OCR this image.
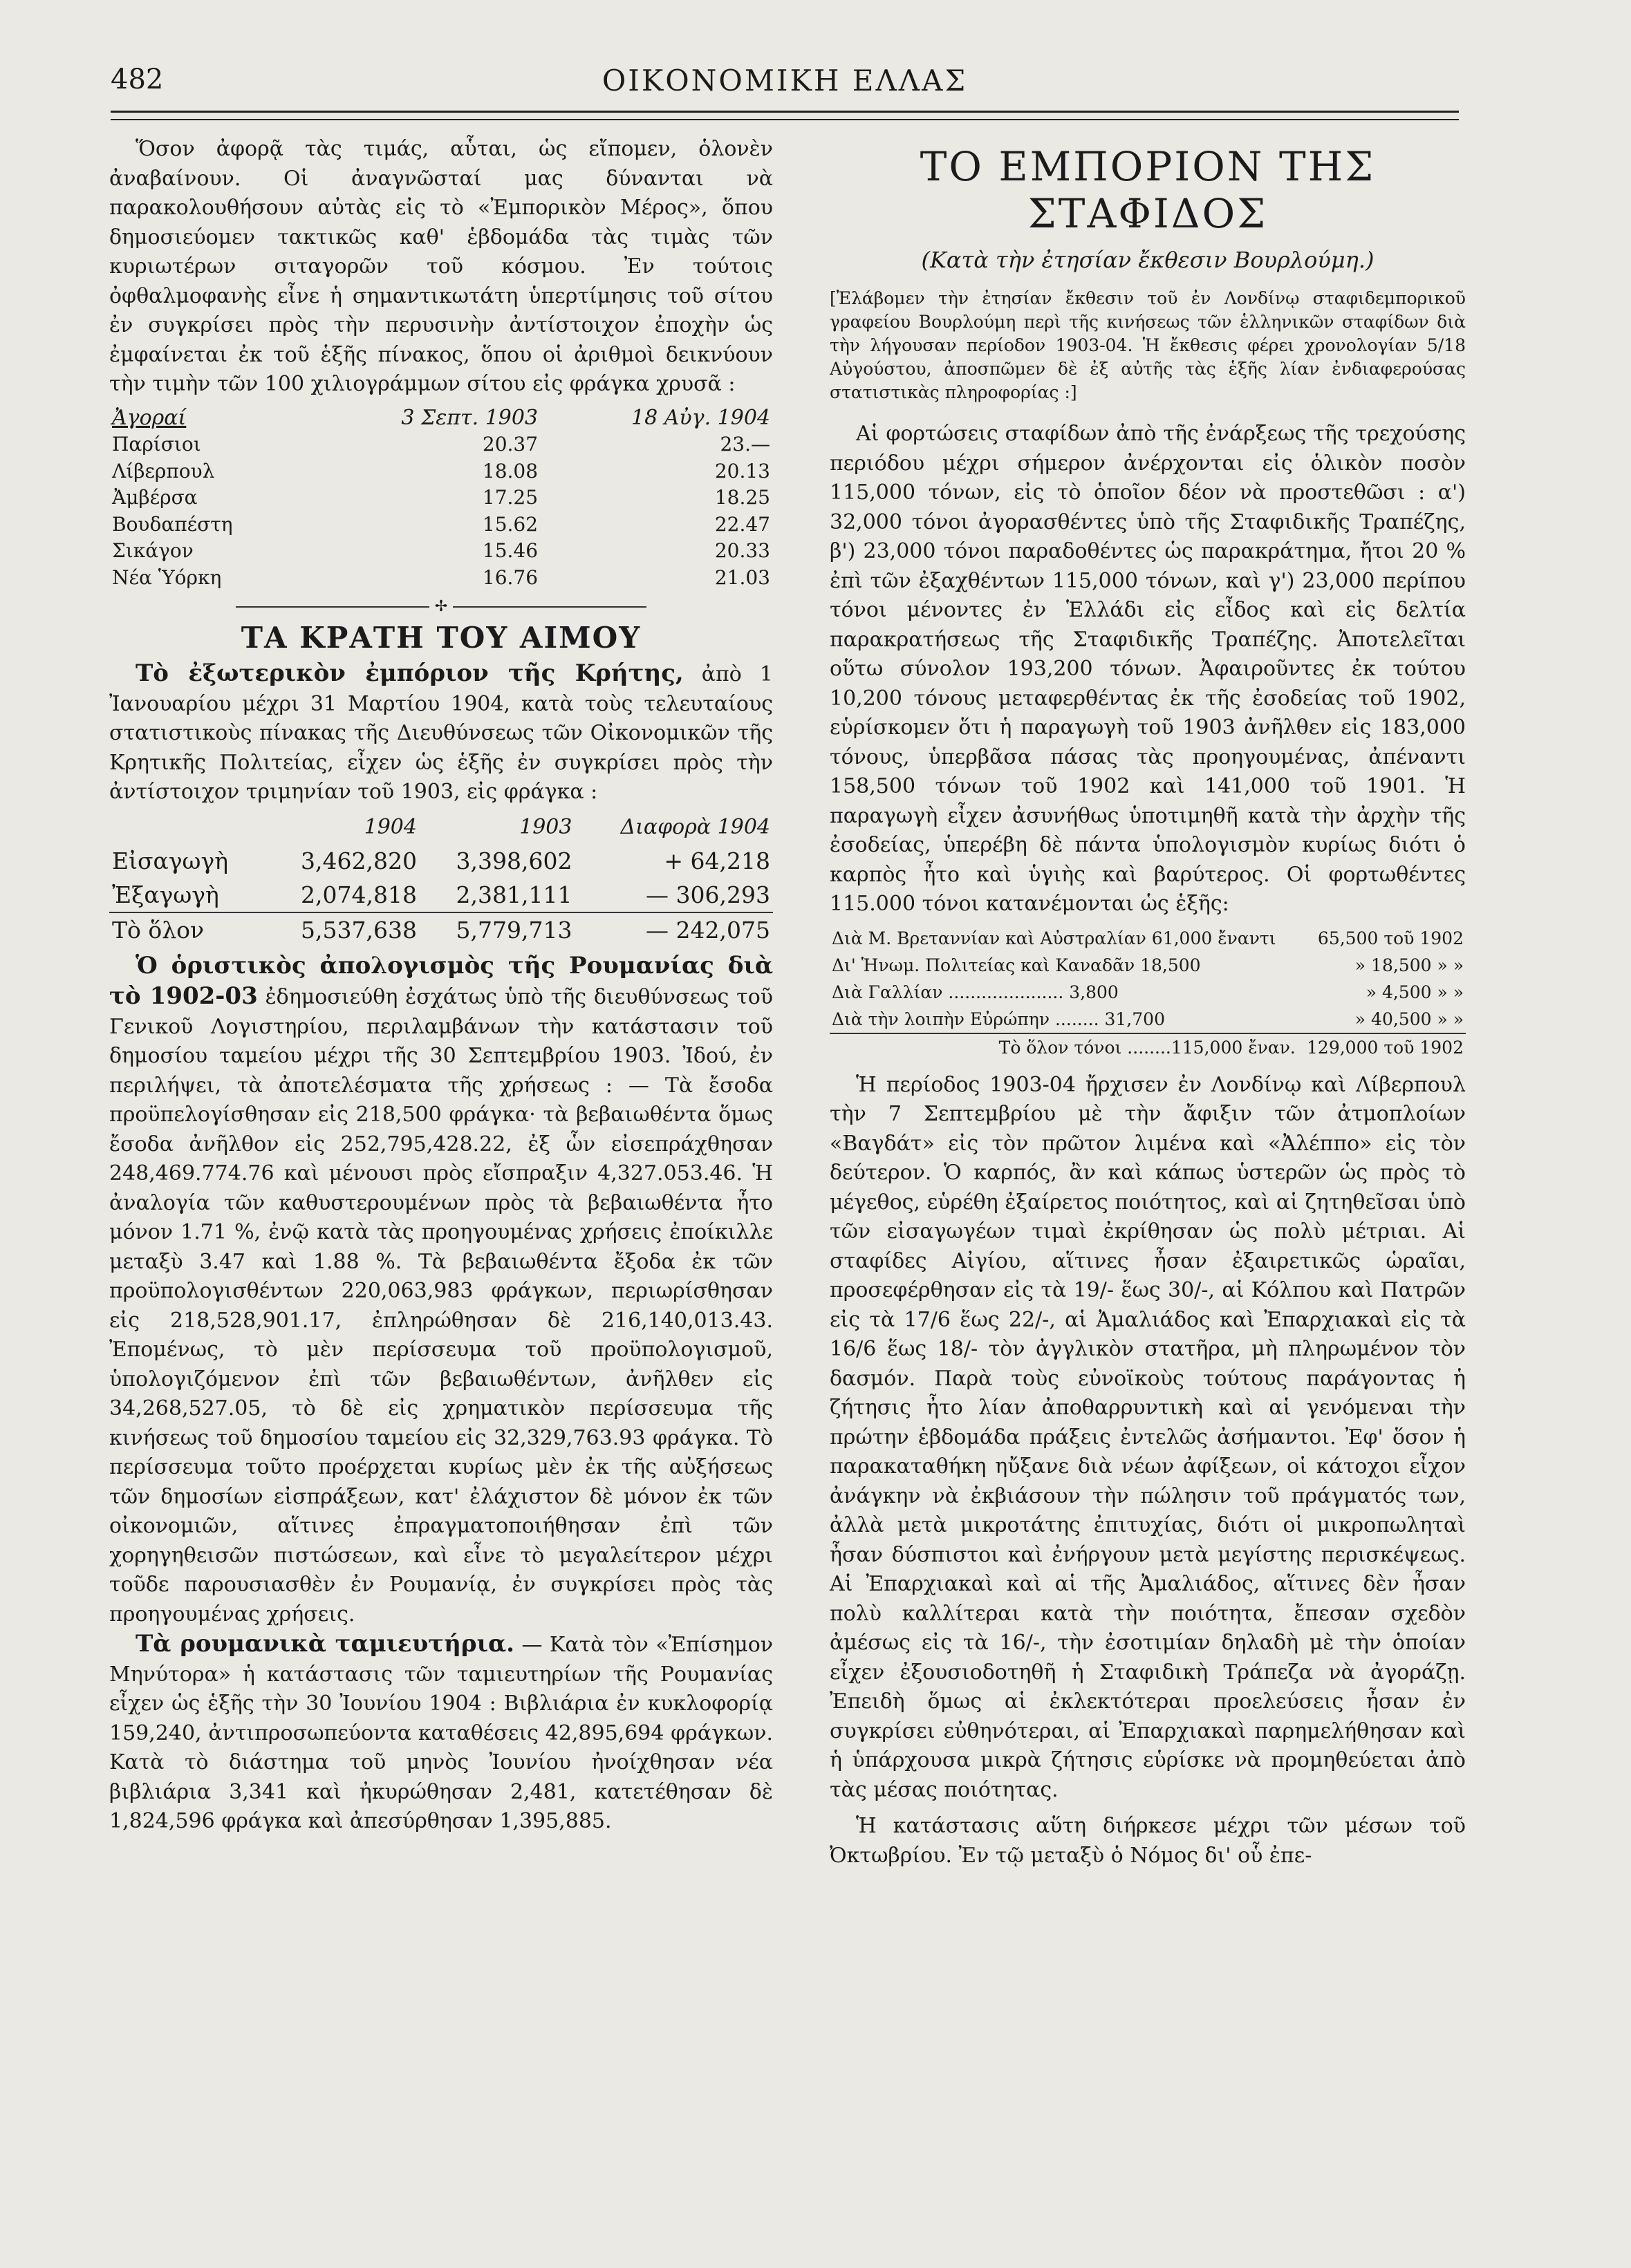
482	ΟΙΚΟΝΟΜΙΚΗ ΕΛΛΑΣ

Ὅσον ἀφορᾷ τὰς τιμάς, αὗται, ὡς εἴπομεν, ὁλονὲν ἀναβαίνουν. Οἱ ἀναγνῶσταί μας δύνανται νὰ παρακολουθήσουν αὐτὰς εἰς τὸ «Ἐμπορικὸν Μέρος», ὅπου δημοσιεύομεν τακτικῶς καθ' ἑβδομάδα τὰς τιμὰς τῶν κυριωτέρων σιταγορῶν τοῦ κόσμου. Ἐν τούτοις ὀφθαλμοφανὴς εἶνε ἡ σημαντικωτάτη ὑπερτίμησις τοῦ σίτου ἐν συγκρίσει πρὸς τὴν περυσινὴν ἀντίστοιχον ἐποχὴν ὡς ἐμφαίνεται ἐκ τοῦ ἑξῆς πίνακος, ὅπου οἱ ἀριθμοὶ δεικνύουν τὴν τιμὴν τῶν 100 χιλιογράμμων σίτου εἰς φράγκα χρυσᾶ :

Ἀγοραί	3 Σεπτ. 1903	18 Αὐγ. 1904
Παρίσιοι	20.37	23.—
Λίβερπουλ	18.08	20.13
Ἀμβέρσα	17.25	18.25
Βουδαπέστη	15.62	22.47
Σικάγον	15.46	20.33
Νέα Ὑόρκη	16.76	21.03
✢
ΤΑ ΚΡΑΤΗ ΤΟΥ ΑΙΜΟΥ

Τὸ ἐξωτερικὸν ἐμπόριον τῆς Κρήτης, ἀπὸ 1 Ἰανουαρίου μέχρι 31 Μαρτίου 1904, κατὰ τοὺς τελευταίους στατιστικοὺς πίνακας τῆς Διευθύνσεως τῶν Οἰκονομικῶν τῆς Κρητικῆς Πολιτείας, εἶχεν ὡς ἑξῆς ἐν συγκρίσει πρὸς τὴν ἀντίστοιχον τριμηνίαν τοῦ 1903, εἰς φράγκα :

	1904	1903	Διαφορὰ 1904
Εἰσαγωγὴ	3,462,820	3,398,602	+ 64,218
Ἐξαγωγὴ	2,074,818	2,381,111	— 306,293
Τὸ ὅλον	5,537,638	5,779,713	— 242,075

Ὁ ὁριστικὸς ἀπολογισμὸς τῆς Ρουμανίας διὰ τὸ 1902-03 ἐδημοσιεύθη ἐσχάτως ὑπὸ τῆς διευθύνσεως τοῦ Γενικοῦ Λογιστηρίου, περιλαμβάνων τὴν κατάστασιν τοῦ δημοσίου ταμείου μέχρι τῆς 30 Σεπτεμβρίου 1903. Ἰδού, ἐν περιλήψει, τὰ ἀποτελέσματα τῆς χρήσεως : — Τὰ ἔσοδα προϋπελογίσθησαν εἰς 218,500 φράγκα· τὰ βεβαιωθέντα ὅμως ἔσοδα ἀνῆλθον εἰς 252,795,428.22, ἐξ ὧν εἰσεπράχθησαν 248,469.774.76 καὶ μένουσι πρὸς εἴσπραξιν 4,327.053.46. Ἡ ἀναλογία τῶν καθυστερουμένων πρὸς τὰ βεβαιωθέντα ἦτο μόνον 1.71 %, ἐνῷ κατὰ τὰς προηγουμένας χρήσεις ἐποίκιλλε μεταξὺ 3.47 καὶ 1.88 %. Τὰ βεβαιωθέντα ἔξοδα ἐκ τῶν προϋπολογισθέντων 220,063,983 φράγκων, περιωρίσθησαν εἰς 218,528,901.17, ἐπληρώθησαν δὲ 216,140,013.43. Ἐπομένως, τὸ μὲν περίσσευμα τοῦ προϋπολογισμοῦ, ὑπολογιζόμενον ἐπὶ τῶν βεβαιωθέντων, ἀνῆλθεν εἰς 34,268,527.05, τὸ δὲ εἰς χρηματικὸν περίσσευμα τῆς κινήσεως τοῦ δημοσίου ταμείου εἰς 32,329,763.93 φράγκα. Τὸ περίσσευμα τοῦτο προέρχεται κυρίως μὲν ἐκ τῆς αὐξήσεως τῶν δημοσίων εἰσπράξεων, κατ' ἐλάχιστον δὲ μόνον ἐκ τῶν οἰκονομιῶν, αἵτινες ἐπραγματοποιήθησαν ἐπὶ τῶν χορηγηθεισῶν πιστώσεων, καὶ εἶνε τὸ μεγαλείτερον μέχρι τοῦδε παρουσιασθὲν ἐν Ρουμανίᾳ, ἐν συγκρίσει πρὸς τὰς προηγουμένας χρήσεις.

Τὰ ρουμανικὰ ταμιευτήρια. — Κατὰ τὸν «Ἐπίσημον Μηνύτορα» ἡ κατάστασις τῶν ταμιευτηρίων τῆς Ρουμανίας εἶχεν ὡς ἑξῆς τὴν 30 Ἰουνίου 1904 : Βιβλιάρια ἐν κυκλοφορίᾳ 159,240, ἀντιπροσωπεύοντα καταθέσεις 42,895,694 φράγκων. Κατὰ τὸ διάστημα τοῦ μηνὸς Ἰουνίου ἠνοίχθησαν νέα βιβλιάρια 3,341 καὶ ἠκυρώθησαν 2,481, κατετέθησαν δὲ 1,824,596 φράγκα καὶ ἀπεσύρθησαν 1,395,885.

ΤΟ ΕΜΠΟΡΙΟΝ ΤΗΣ ΣΤΑΦΙΔΟΣ
(Κατὰ τὴν ἐτησίαν ἔκθεσιν Βουρλούμη.)

[Ἐλάβομεν τὴν ἐτησίαν ἔκθεσιν τοῦ ἐν Λονδίνῳ σταφιδεμπορικοῦ γραφείου Βουρλούμη περὶ τῆς κινήσεως τῶν ἑλληνικῶν σταφίδων διὰ τὴν λήγουσαν περίοδον 1903-04. Ἡ ἔκθεσις φέρει χρονολογίαν 5/18 Αὐγούστου, ἀποσπῶμεν δὲ ἐξ αὐτῆς τὰς ἑξῆς λίαν ἐνδιαφερούσας στατιστικὰς πληροφορίας :]

Αἱ φορτώσεις σταφίδων ἀπὸ τῆς ἐνάρξεως τῆς τρεχούσης περιόδου μέχρι σήμερον ἀνέρχονται εἰς ὁλικὸν ποσὸν 115,000 τόνων, εἰς τὸ ὁποῖον δέον νὰ προστεθῶσι : α') 32,000 τόνοι ἀγορασθέντες ὑπὸ τῆς Σταφιδικῆς Τραπέζης, β') 23,000 τόνοι παραδοθέντες ὡς παρακράτημα, ἤτοι 20 % ἐπὶ τῶν ἐξαχθέντων 115,000 τόνων, καὶ γ') 23,000 περίπου τόνοι μένοντες ἐν Ἑλλάδι εἰς εἶδος καὶ εἰς δελτία παρακρατήσεως τῆς Σταφιδικῆς Τραπέζης. Ἀποτελεῖται οὕτω σύνολον 193,200 τόνων. Ἀφαιροῦντες ἐκ τούτου 10,200 τόνους μεταφερθέντας ἐκ τῆς ἐσοδείας τοῦ 1902, εὑρίσκομεν ὅτι ἡ παραγωγὴ τοῦ 1903 ἀνῆλθεν εἰς 183,000 τόνους, ὑπερβᾶσα πάσας τὰς προηγουμένας, ἀπέναντι 158,500 τόνων τοῦ 1902 καὶ 141,000 τοῦ 1901. Ἡ παραγωγὴ εἶχεν ἀσυνήθως ὑποτιμηθῆ κατὰ τὴν ἀρχὴν τῆς ἐσοδείας, ὑπερέβη δὲ πάντα ὑπολογισμὸν κυρίως διότι ὁ καρπὸς ἦτο καὶ ὑγιὴς καὶ βαρύτερος. Οἱ φορτωθέντες 115.000 τόνοι κατανέμονται ὡς ἑξῆς:

Διὰ Μ. Βρεταννίαν καὶ Αὐστραλίαν 61,000 ἔναντι	65,500 τοῦ 1902
Δι' Ἡνωμ. Πολιτείας καὶ Καναδᾶν 18,500	» 18,500 » »
Διὰ Γαλλίαν ..................... 3,800	» 4,500 » »
Διὰ τὴν λοιπὴν Εὐρώπην ........ 31,700	» 40,500 » »
Τὸ ὅλον τόνοι ........115,000 ἔναν.	129,000 τοῦ 1902

Ἡ περίοδος 1903-04 ἤρχισεν ἐν Λονδίνῳ καὶ Λίβερπουλ τὴν 7 Σεπτεμβρίου μὲ τὴν ἄφιξιν τῶν ἀτμοπλοίων «Βαγδάτ» εἰς τὸν πρῶτον λιμένα καὶ «Ἀλέππο» εἰς τὸν δεύτερον. Ὁ καρπός, ἂν καὶ κάπως ὑστερῶν ὡς πρὸς τὸ μέγεθος, εὑρέθη ἐξαίρετος ποιότητος, καὶ αἱ ζητηθεῖσαι ὑπὸ τῶν εἰσαγωγέων τιμαὶ ἐκρίθησαν ὡς πολὺ μέτριαι. Αἱ σταφίδες Αἰγίου, αἵτινες ἦσαν ἐξαιρετικῶς ὡραῖαι, προσεφέρθησαν εἰς τὰ 19/- ἕως 30/-, αἱ Κόλπου καὶ Πατρῶν εἰς τὰ 17/6 ἕως 22/-, αἱ Ἀμαλιάδος καὶ Ἐπαρχιακαὶ εἰς τὰ 16/6 ἕως 18/- τὸν ἀγγλικὸν στατῆρα, μὴ πληρωμένον τὸν δασμόν. Παρὰ τοὺς εὐνοϊκοὺς τούτους παράγοντας ἡ ζήτησις ἦτο λίαν ἀποθαρρυντικὴ καὶ αἱ γενόμεναι τὴν πρώτην ἑβδομάδα πράξεις ἐντελῶς ἀσήμαντοι. Ἐφ' ὅσον ἡ παρακαταθήκη ηὔξανε διὰ νέων ἀφίξεων, οἱ κάτοχοι εἶχον ἀνάγκην νὰ ἐκβιάσουν τὴν πώλησιν τοῦ πράγματός των, ἀλλὰ μετὰ μικροτάτης ἐπιτυχίας, διότι οἱ μικροπωληταὶ ἦσαν δύσπιστοι καὶ ἐνήργουν μετὰ μεγίστης περισκέψεως. Αἱ Ἐπαρχιακαὶ καὶ αἱ τῆς Ἀμαλιάδος, αἵτινες δὲν ἦσαν πολὺ καλλίτεραι κατὰ τὴν ποιότητα, ἔπεσαν σχεδὸν ἀμέσως εἰς τὰ 16/-, τὴν ἐσοτιμίαν δηλαδὴ μὲ τὴν ὁποίαν εἶχεν ἐξουσιοδοτηθῆ ἡ Σταφιδικὴ Τράπεζα νὰ ἀγοράζῃ. Ἐπειδὴ ὅμως αἱ ἐκλεκτότεραι προελεύσεις ἦσαν ἐν συγκρίσει εὐθηνότεραι, αἱ Ἐπαρχιακαὶ παρημελήθησαν καὶ ἡ ὑπάρχουσα μικρὰ ζήτησις εὑρίσκε νὰ προμηθεύεται ἀπὸ τὰς μέσας ποιότητας.

Ἡ κατάστασις αὕτη διήρκεσε μέχρι τῶν μέσων τοῦ Ὀκτωβρίου. Ἐν τῷ μεταξὺ ὁ Νόμος δι' οὗ ἐπε-
